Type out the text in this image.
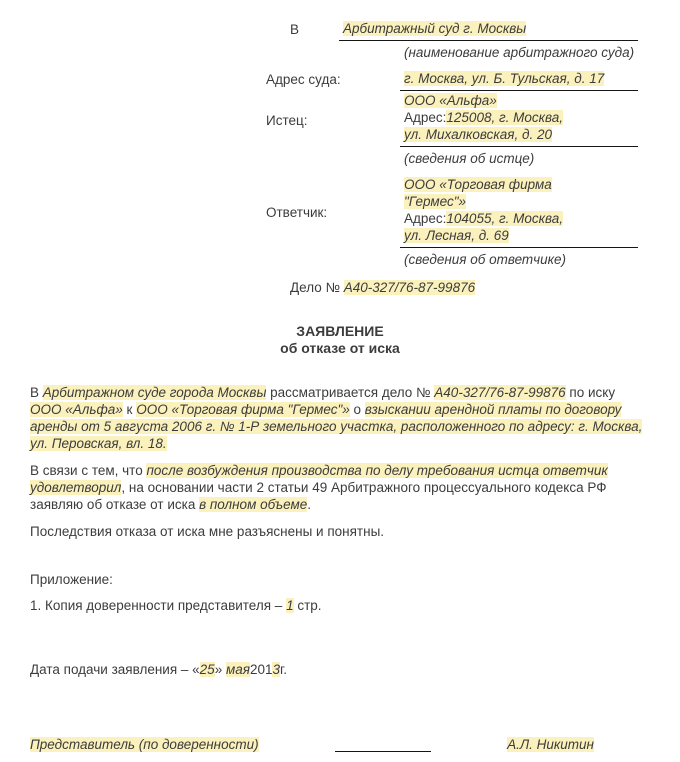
В	Арбитражный суд г. Москвы
(наименование арбитражного суда)
Адрес суда:	г. Москва, ул. Б. Тульская, д. 17
Истец:
ООО «Альфа»
Адрес:125008, г. Москва,
ул. Михалковская, д. 20
(сведения об истце)
Ответчик:
ООО «Торговая фирма
"Гермес"»
Адрес:104055, г. Москва,
ул. Лесная, д. 69
(сведения об ответчике)
Дело № А40-327/76-87-99876
ЗАЯВЛЕНИЕ
об отказе от иска

В Арбитражном суде города Москвы рассматривается дело № А40-327/76-87-99876 по иску ООО «Альфа» к ООО «Торговая фирма "Гермес"» о взыскании арендной платы по договору аренды от 5 августа 2006 г. № 1-Р земельного участка, расположенного по адресу: г. Москва, ул. Перовская, вл. 18.

В связи с тем, что после возбуждения производства по делу требования истца ответчик удовлетворил, на основании части 2 статьи 49 Арбитражного процессуального кодекса РФ заявляю об отказе от иска в полном объеме.

Последствия отказа от иска мне разъяснены и понятны.

Приложение:
1. Копия доверенности представителя – 1 стр.
Дата подачи заявления – «25» мая2013г.
Представитель (по доверенности)	А.Л. Никитин
